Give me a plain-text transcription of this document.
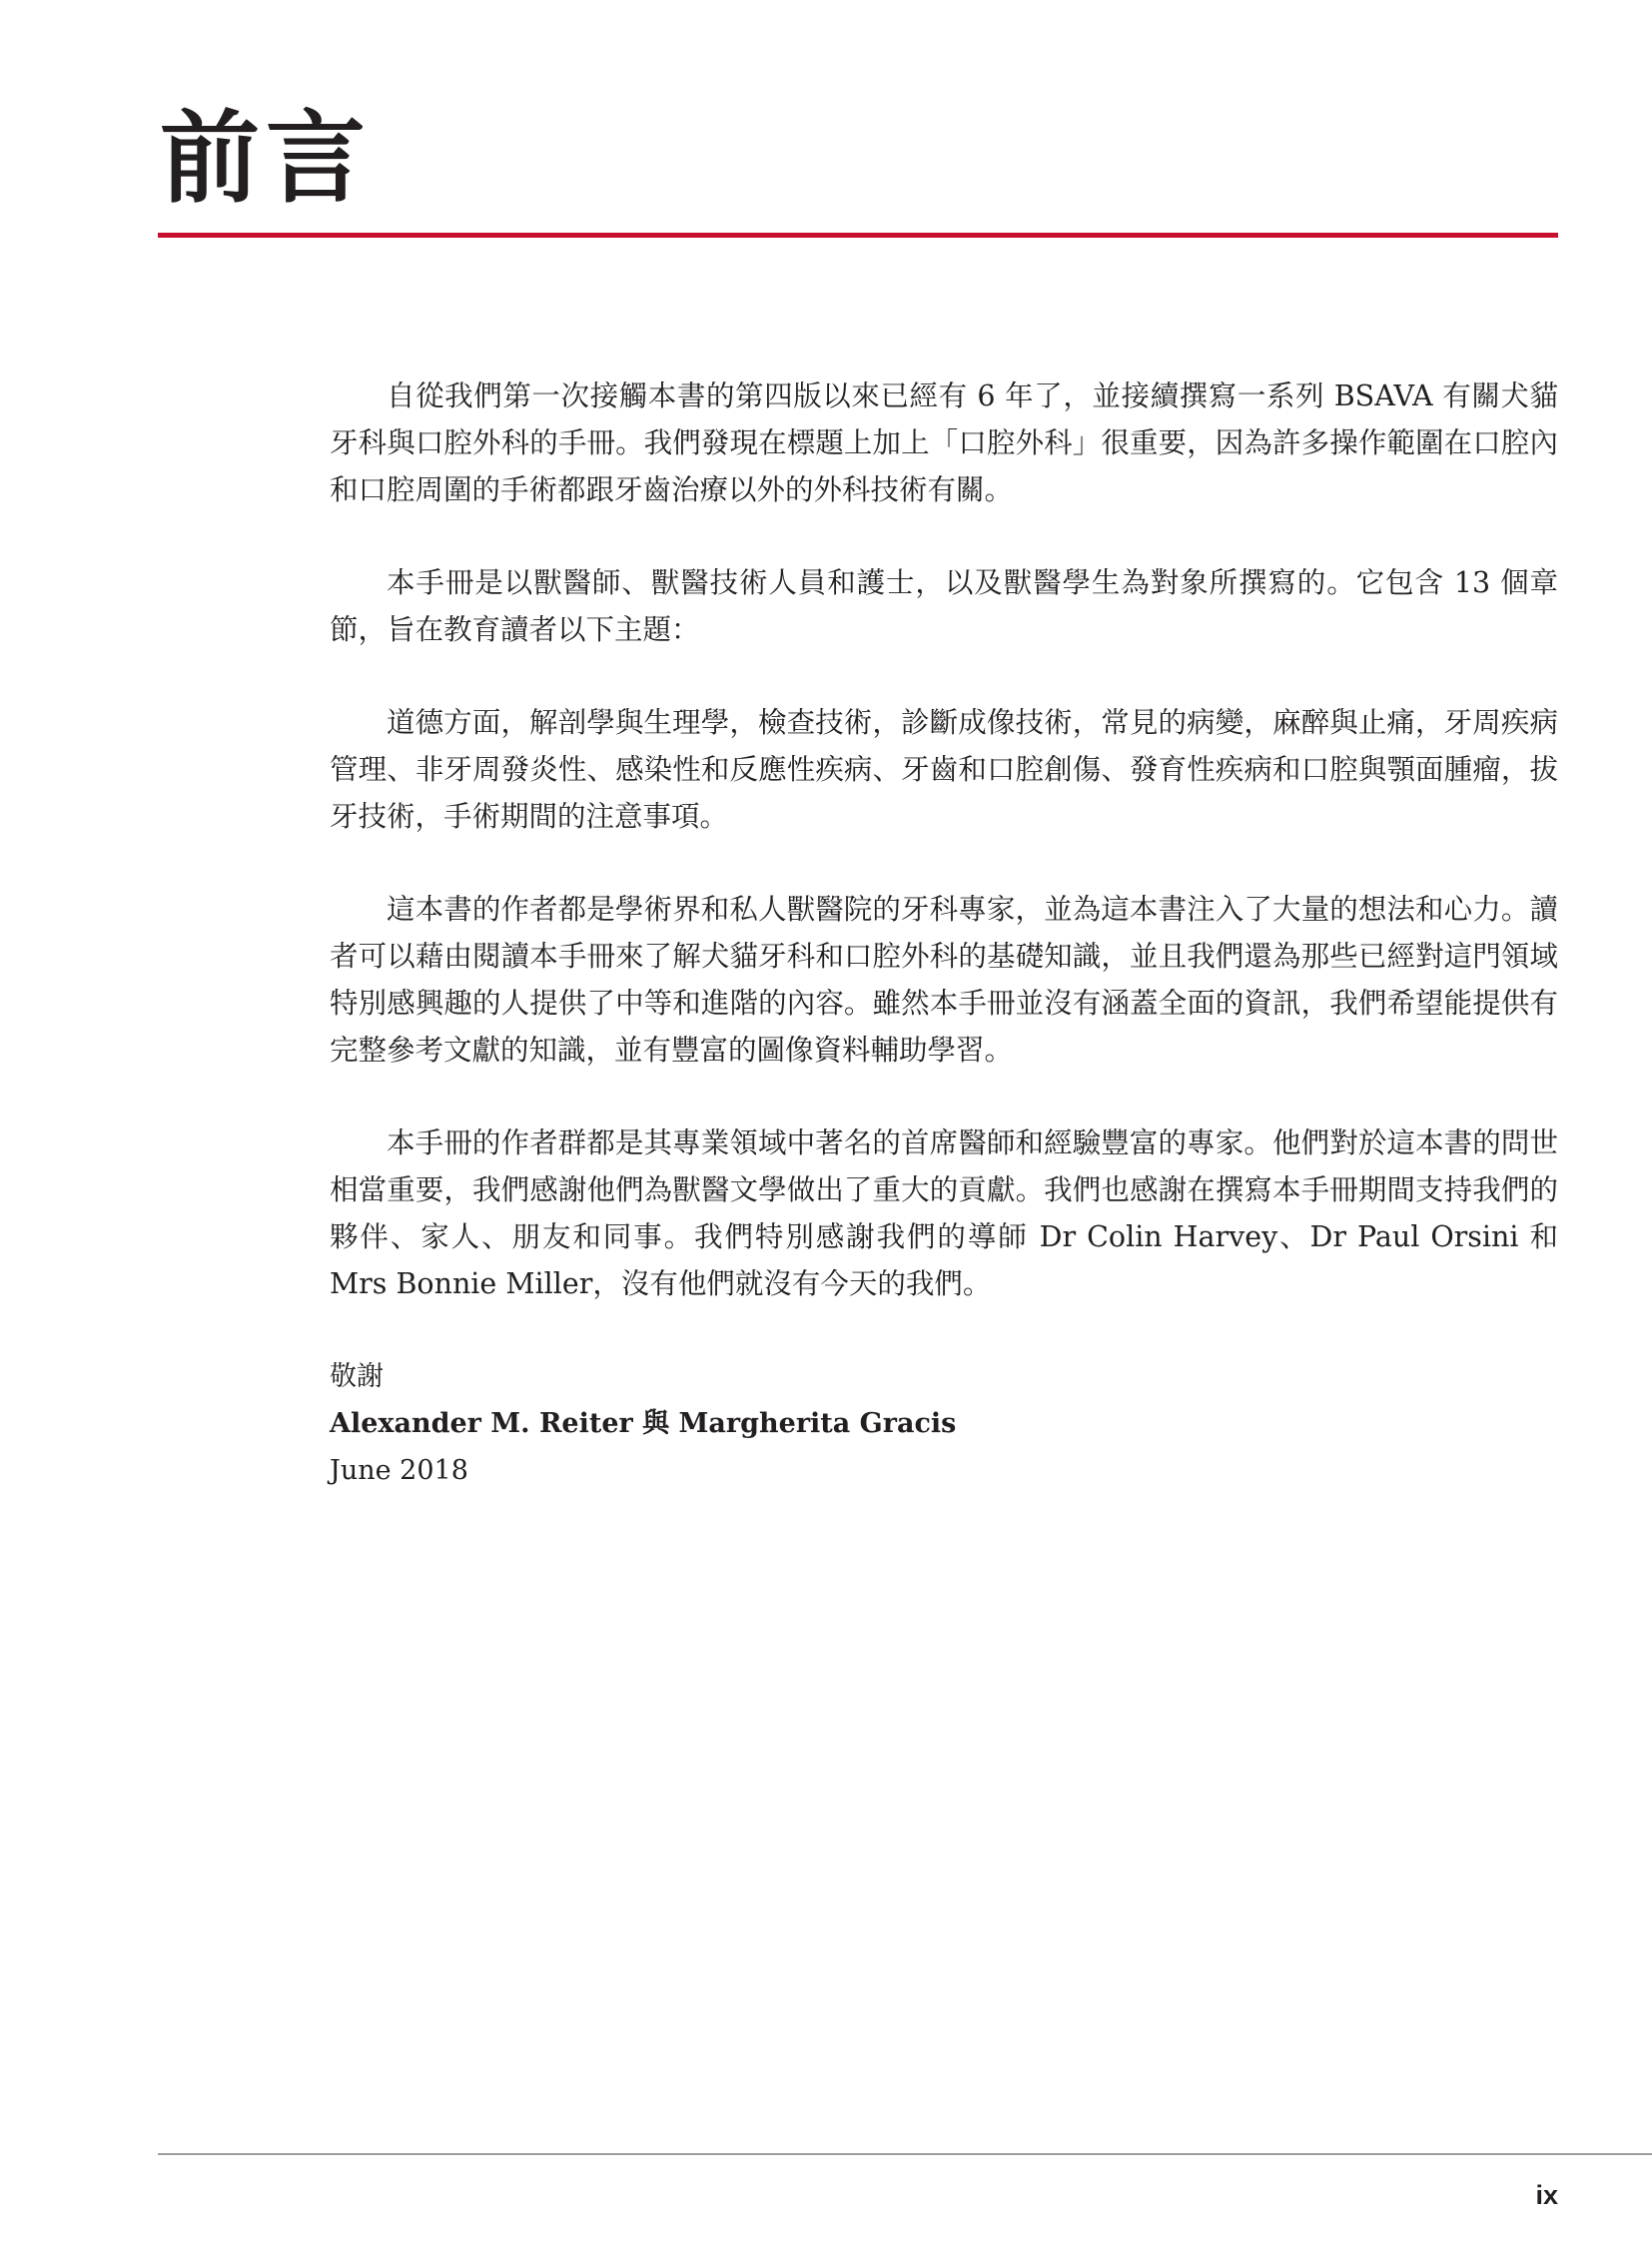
前言

自從我們第一次接觸本書的第四版以來已經有 6 年了，並接續撰寫一系列 BSAVA 有關犬貓牙科與口腔外科的手冊。我們發現在標題上加上「口腔外科」很重要，因為許多操作範圍在口腔內和口腔周圍的手術都跟牙齒治療以外的外科技術有關。

本手冊是以獸醫師、獸醫技術人員和護士，以及獸醫學生為對象所撰寫的。它包含 13 個章節，旨在教育讀者以下主題：

道德方面，解剖學與生理學，檢查技術，診斷成像技術，常見的病變，麻醉與止痛，牙周疾病管理、非牙周發炎性、感染性和反應性疾病、牙齒和口腔創傷、發育性疾病和口腔與顎面腫瘤，拔牙技術，手術期間的注意事項。

這本書的作者都是學術界和私人獸醫院的牙科專家，並為這本書注入了大量的想法和心力。讀者可以藉由閱讀本手冊來了解犬貓牙科和口腔外科的基礎知識，並且我們還為那些已經對這門領域特別感興趣的人提供了中等和進階的內容。雖然本手冊並沒有涵蓋全面的資訊，我們希望能提供有完整參考文獻的知識，並有豐富的圖像資料輔助學習。

本手冊的作者群都是其專業領域中著名的首席醫師和經驗豐富的專家。他們對於這本書的問世相當重要，我們感謝他們為獸醫文學做出了重大的貢獻。我們也感謝在撰寫本手冊期間支持我們的夥伴、家人、朋友和同事。我們特別感謝我們的導師 Dr Colin Harvey、Dr Paul Orsini 和 Mrs Bonnie Miller，沒有他們就沒有今天的我們。

敬謝
Alexander M. Reiter 與 Margherita Gracis
June 2018
ix
